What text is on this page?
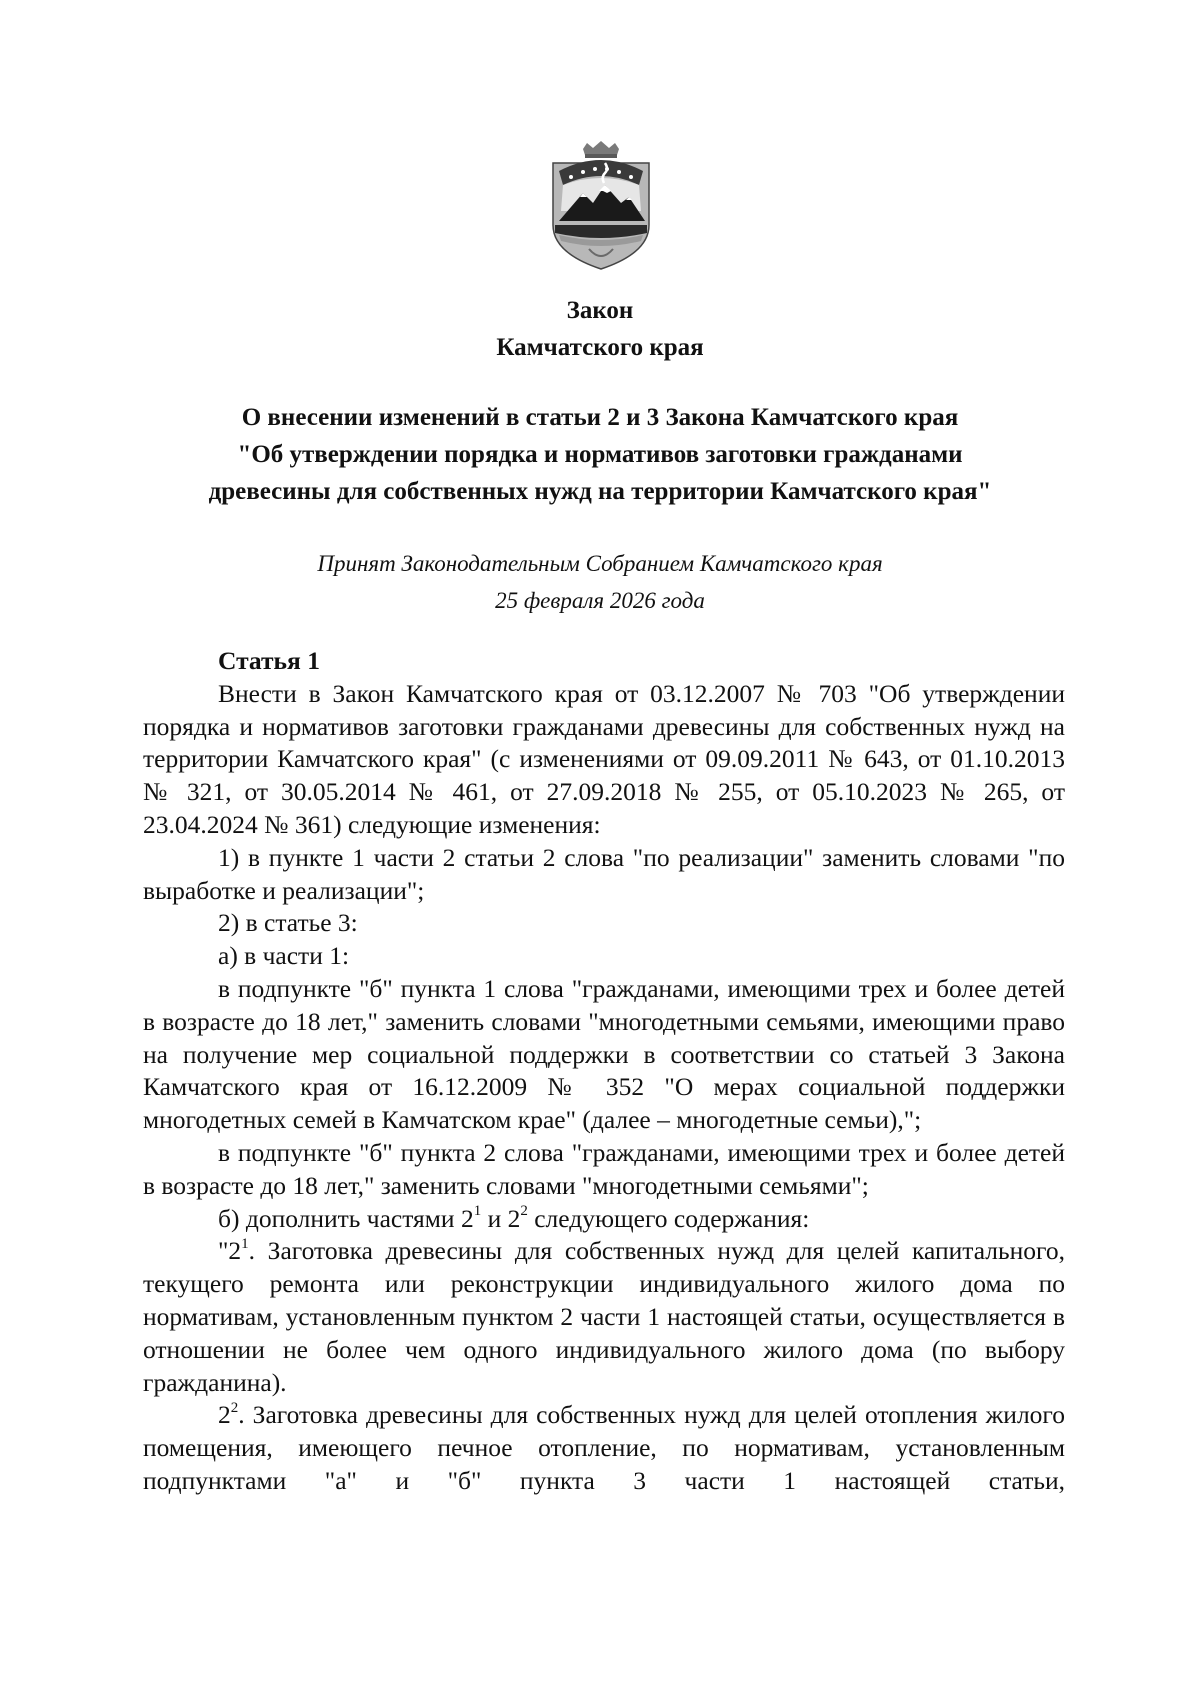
Закон
Камчатского края
О внесении изменений в статьи 2 и 3 Закона Камчатского края
"Об утверждении порядка и нормативов заготовки гражданами
древесины для собственных нужд на территории Камчатского края"
Принят Законодательным Собранием Камчатского края
25 февраля 2026 года

Статья 1

Внести в Закон Камчатского края от 03.12.2007 № 703 "Об утверждении порядка и нормативов заготовки гражданами древесины для собственных нужд на территории Камчатского края" (с изменениями от 09.09.2011 № 643, от 01.10.2013 № 321, от 30.05.2014 № 461, от 27.09.2018 № 255, от 05.10.2023 № 265, от 23.04.2024 № 361) следующие изменения:

1) в пункте 1 части 2 статьи 2 слова "по реализации" заменить словами "по выработке и реализации";

2) в статье 3:

а) в части 1:

в подпункте "б" пункта 1 слова "гражданами, имеющими трех и более детей в возрасте до 18 лет," заменить словами "многодетными семьями, имеющими право на получение мер социальной поддержки в соответствии со статьей 3 Закона Камчатского края от 16.12.2009 № 352 "О мерах социальной поддержки многодетных семей в Камчатском крае" (далее – многодетные семьи),";

в подпункте "б" пункта 2 слова "гражданами, имеющими трех и более детей в возрасте до 18 лет," заменить словами "многодетными семьями";

б) дополнить частями $2^1$ и $2^2$ следующего содержания:

"$2^1$. Заготовка древесины для собственных нужд для целей капитального, текущего ремонта или реконструкции индивидуального жилого дома по нормативам, установленным пунктом 2 части 1 настоящей статьи, осуществляется в отношении не более чем одного индивидуального жилого дома (по выбору гражданина).

$2^2$. Заготовка древесины для собственных нужд для целей отопления жилого помещения, имеющего печное отопление, по нормативам, установленным подпунктами "а" и "б" пункта 3 части 1 настоящей статьи,
